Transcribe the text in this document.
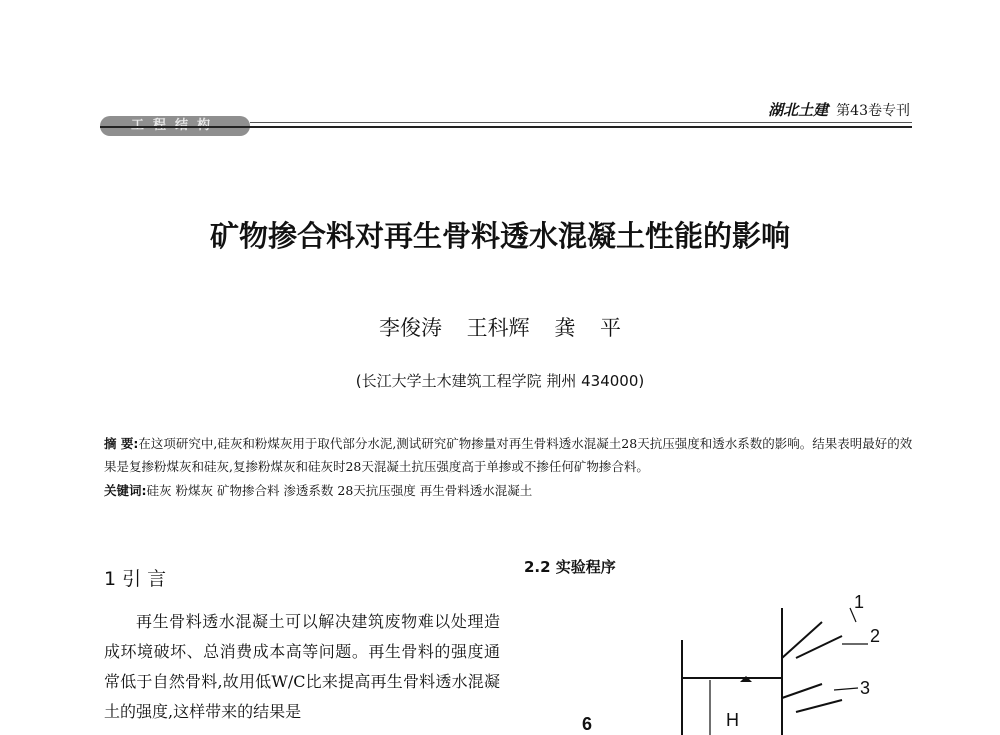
湖北土建 第43卷专刊
矿物掺合料对再生骨料透水混凝土性能的影响
李俊涛 王科辉 龚 平
(长江大学土木建筑工程学院 荆州 434000)
摘 要:在这项研究中,硅灰和粉煤灰用于取代部分水泥,测试研究矿物掺量对再生骨料透水混凝土28天抗压强度和透水系数的影响。结果表明最好的效果是复掺粉煤灰和硅灰,复掺粉煤灰和硅灰时28天混凝土抗压强度高于单掺或不掺任何矿物掺合料。
关键词:硅灰 粉煤灰 矿物掺合料 渗透系数 28天抗压强度 再生骨料透水混凝土
1 引 言

再生骨料透水混凝土可以解决建筑废物难以处理造成环境破坏、总消费成本高等问题。再生骨料的强度通常低于自然骨料,故用低W/C比来提高再生骨料透水混凝土的强度,这样带来的结果是

2.2 实验程序
1
2
3
6	H
